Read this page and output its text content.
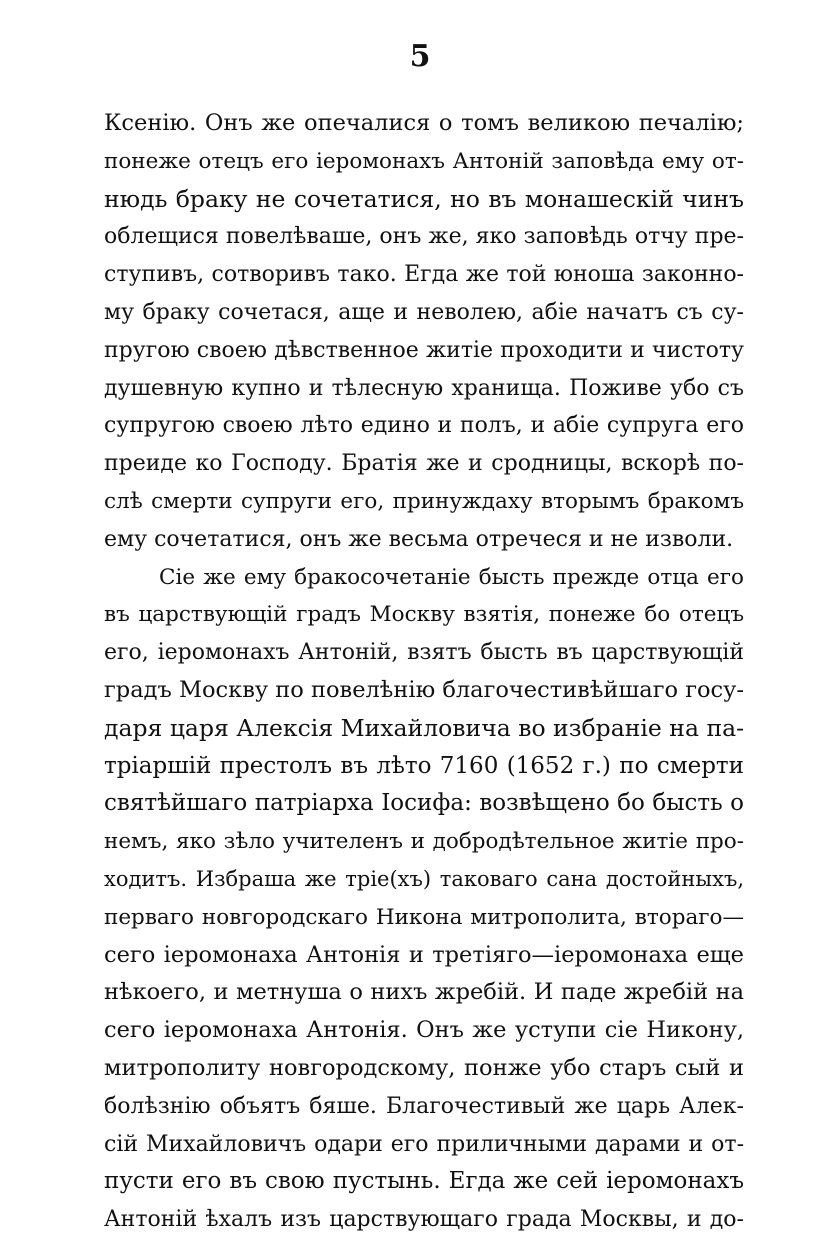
5
Ксенію. Онъ же опечалися о томъ великою печалію;
понеже отецъ его іеромонахъ Антоній заповѣда ему от-
нюдь браку не сочетатися, но въ монашескій чинъ
облещися повелѣваше, онъ же, яко заповѣдь отчу пре-
ступивъ, сотворивъ тако. Егда же той юноша законно-
му браку сочетася, аще и неволею, абіе начатъ съ су-
пругою своею дѣвственное житіе проходити и чистоту
душевную купно и тѣлесную хранища. Поживе убо съ
супругою своею лѣто едино и полъ, и абіе супруга его
преиде ко Господу. Братія же и сродницы, вскорѣ по-
слѣ смерти супруги его, принуждаху вторымъ бракомъ
ему сочетатися, онъ же весьма отречеся и не изволи.
Сіе же ему бракосочетаніе бысть прежде отца его
въ царствующій градъ Москву взятія, понеже бо отецъ
его, іеромонахъ Антоній, взятъ бысть въ царствующій
градъ Москву по повелѣнію благочестивѣйшаго госу-
даря царя Алексія Михайловича во избраніе на па-
тріаршій престолъ въ лѣто 7160 (1652 г.) по смерти
святѣйшаго патріарха Іосифа: возвѣщено бо бысть о
немъ, яко зѣло учителенъ и добродѣтельное житіе про-
ходитъ. Избраша же тріе(хъ) таковаго сана достойныхъ,
перваго новгородскаго Никона митрополита, втораго—
сего іеромонаха Антонія и третіяго—іеромонаха еще
нѣкоего, и метнуша о нихъ жребій. И паде жребій на
сего іеромонаха Антонія. Онъ же уступи сіе Никону,
митрополиту новгородскому, понже убо старъ сый и
болѣзнію объятъ бяше. Благочестивый же царь Алек-
сій Михайловичъ одари его приличными дарами и от-
пусти его въ свою пустынь. Егда же сей іеромонахъ
Антоній ѣхалъ изъ царствующаго града Москвы, и до-
